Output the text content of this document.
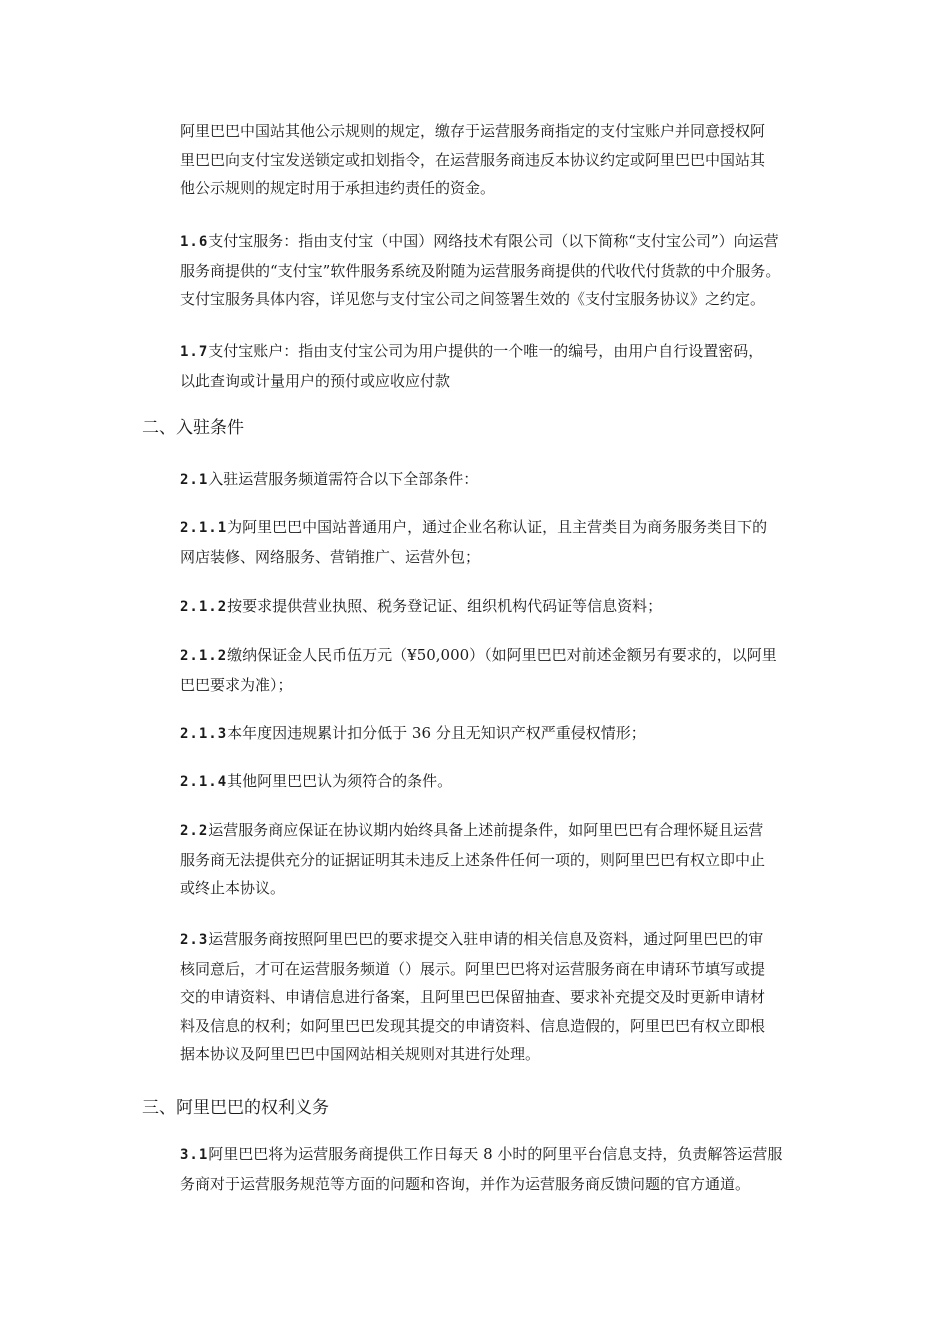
阿里巴巴中国站其他公示规则的规定，缴存于运营服务商指定的支付宝账户并同意授权阿
里巴巴向支付宝发送锁定或扣划指令，在运营服务商违反本协议约定或阿里巴巴中国站其
他公示规则的规定时用于承担违约责任的资金。
1.6支付宝服务：指由支付宝（中国）网络技术有限公司（以下简称“支付宝公司”）向运营
服务商提供的“支付宝”软件服务系统及附随为运营服务商提供的代收代付货款的中介服务。
支付宝服务具体内容，详见您与支付宝公司之间签署生效的《支付宝服务协议》之约定。
1.7支付宝账户：指由支付宝公司为用户提供的一个唯一的编号，由用户自行设置密码，
以此查询或计量用户的预付或应收应付款
二、入驻条件
2.1入驻运营服务频道需符合以下全部条件：
2.1.1为阿里巴巴中国站普通用户，通过企业名称认证，且主营类目为商务服务类目下的
网店装修、网络服务、营销推广、运营外包；
2.1.2按要求提供营业执照、税务登记证、组织机构代码证等信息资料；
2.1.2缴纳保证金人民币伍万元（¥50,000）（如阿里巴巴对前述金额另有要求的，以阿里
巴巴要求为准）；
2.1.3本年度因违规累计扣分低于 36 分且无知识产权严重侵权情形；
2.1.4其他阿里巴巴认为须符合的条件。
2.2运营服务商应保证在协议期内始终具备上述前提条件，如阿里巴巴有合理怀疑且运营
服务商无法提供充分的证据证明其未违反上述条件任何一项的，则阿里巴巴有权立即中止
或终止本协议。
2.3运营服务商按照阿里巴巴的要求提交入驻申请的相关信息及资料，通过阿里巴巴的审
核同意后，才可在运营服务频道（）展示。阿里巴巴将对运营服务商在申请环节填写或提
交的申请资料、申请信息进行备案，且阿里巴巴保留抽查、要求补充提交及时更新申请材
料及信息的权利；如阿里巴巴发现其提交的申请资料、信息造假的，阿里巴巴有权立即根
据本协议及阿里巴巴中国网站相关规则对其进行处理。
三、阿里巴巴的权利义务
3.1阿里巴巴将为运营服务商提供工作日每天 8 小时的阿里平台信息支持，负责解答运营服
务商对于运营服务规范等方面的问题和咨询，并作为运营服务商反馈问题的官方通道。
